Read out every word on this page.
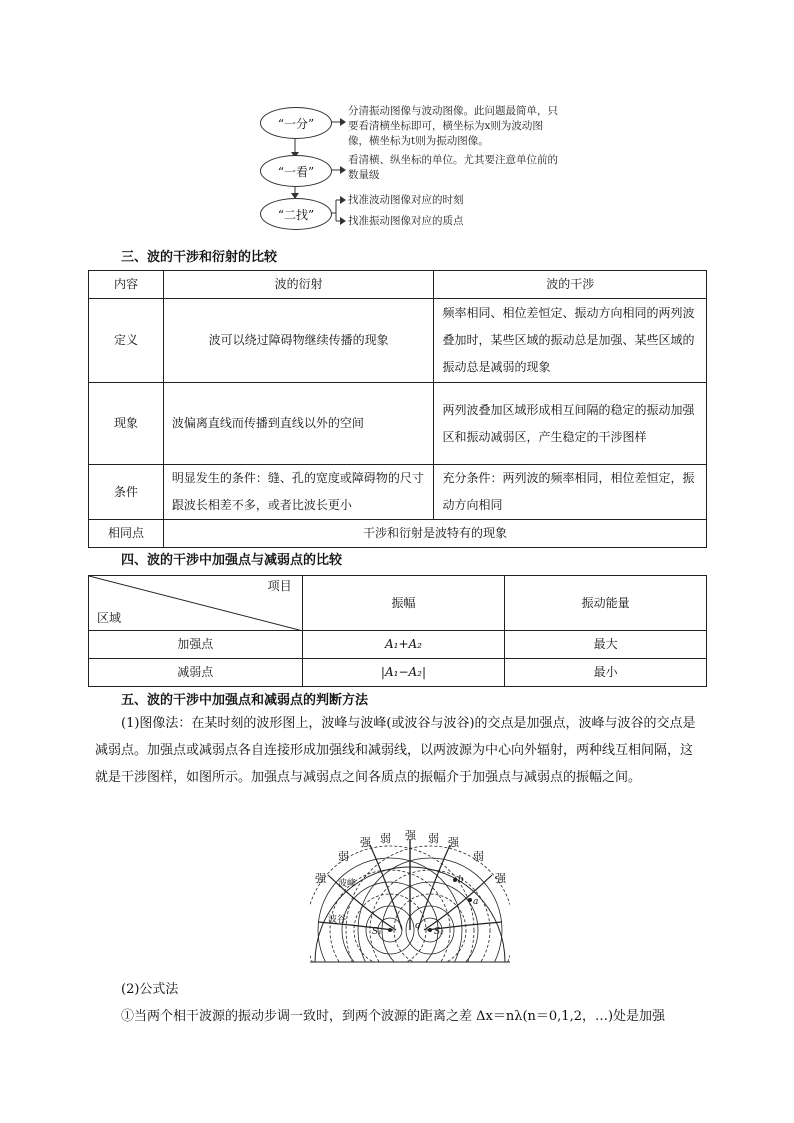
“一分”
“一看”
“二找”
分清振动图像与波动图像。此问题最简单，只要看清横坐标即可，横坐标为x则为波动图像，横坐标为t则为振动图像。
看清横、纵坐标的单位。尤其要注意单位前的数量级
找准波动图像对应的时刻
找准振动图像对应的质点
三、波的干涉和衍射的比较
内容	波的衍射	波的干涉
定义	波可以绕过障碍物继续传播的现象	频率相同、相位差恒定、振动方向相同的两列波叠加时，某些区域的振动总是加强、某些区域的振动总是减弱的现象
现象	波偏离直线而传播到直线以外的空间	两列波叠加区域形成相互间隔的稳定的振动加强区和振动减弱区，产生稳定的干涉图样
条件	明显发生的条件：缝、孔的宽度或障碍物的尺寸跟波长相差不多，或者比波长更小	充分条件：两列波的频率相同，相位差恒定，振动方向相同
相同点	干涉和衍射是波特有的现象	
四、波的干涉中加强点与减弱点的比较
项目
区域	振幅	振动能量
加强点	A₁+A₂	最大
减弱点	|A₁−A₂|	最小
五、波的干涉中加强点和减弱点的判断方法
(1)图像法：在某时刻的波形图上，波峰与波峰(或波谷与波谷)的交点是加强点，波峰与波谷的交点是减弱点。加强点或减弱点各自连接形成加强线和减弱线，以两波源为中心向外辐射，两种线互相间隔，这就是干涉图样，如图所示。加强点与减弱点之间各质点的振幅介于加强点与减弱点的振幅之间。
强
弱	弱
强	强
弱	弱
强	强
波峰
波谷
S₁	S₂
b
a
c
(2)公式法
①当两个相干波源的振动步调一致时，到两个波源的距离之差 Δx＝nλ(n＝0,1,2，…)处是加强
